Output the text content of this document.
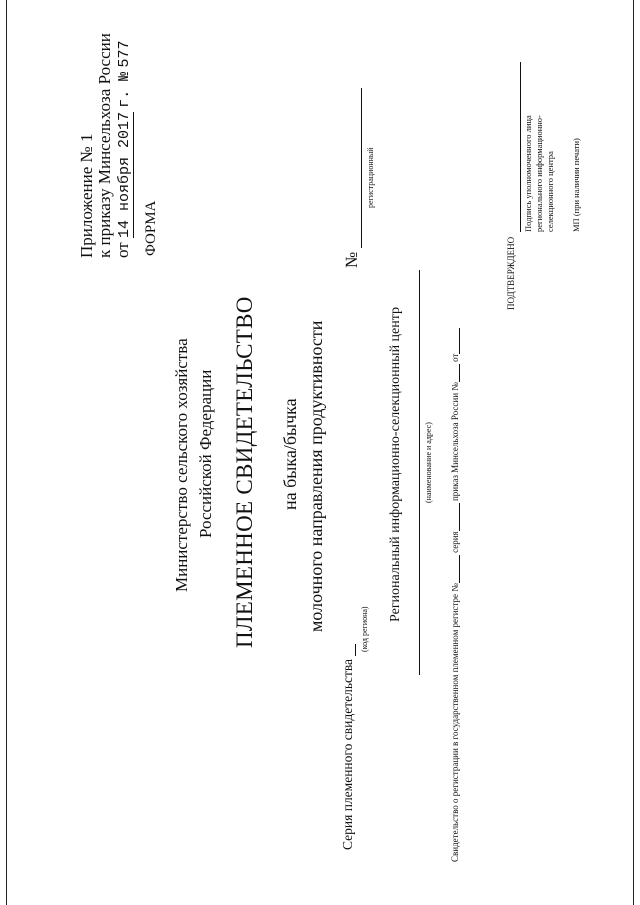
Приложение № 1 к приказу Минсельхоза России от 14 ноября 2017 г. № 577
ФОРМА
Министерство сельского хозяйства Российской Федерации ПЛЕМЕННОЕ СВИДЕТЕЛЬСТВО на быка/бычка молочного направления продуктивности
№
регистрационный
Серия племенного свидетельства
(код региона)
Региональный информационно-селекционный центр	(наименование и адрес)
Свидетельство о регистрации в государственном племенном регистре № серия приказ Минсельхоза России № от
ПОДТВЕРЖДЕНО
Подпись уполномоченного лица регионального информационно- селекционного центра МП (при наличии печати)
